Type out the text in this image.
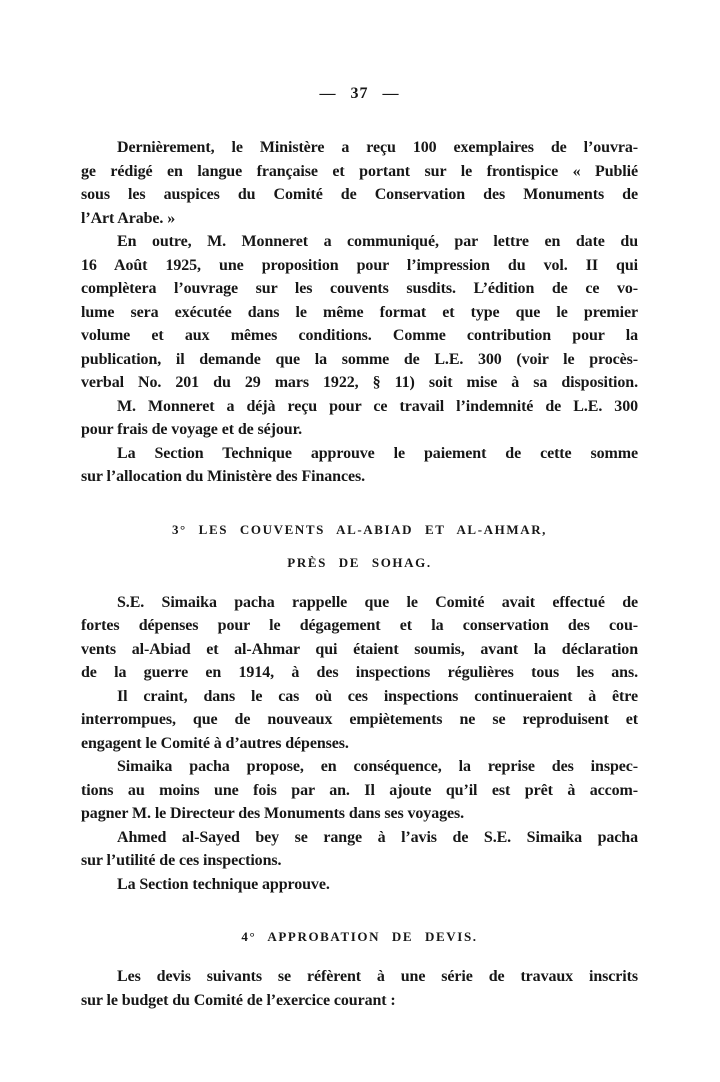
— 37 —
Dernièrement, le Ministère a reçu 100 exemplaires de l’ouvra-
ge rédigé en langue française et portant sur le frontispice « Publié
sous les auspices du Comité de Conservation des Monuments de
l’Art Arabe. »
En outre, M. Monneret a communiqué, par lettre en date du
16 Août 1925, une proposition pour l’impression du vol. II qui
complètera l’ouvrage sur les couvents susdits. L’édition de ce vo-
lume sera exécutée dans le même format et type que le premier
volume et aux mêmes conditions. Comme contribution pour la
publication, il demande que la somme de L.E. 300 (voir le procès-
verbal No. 201 du 29 mars 1922, § 11) soit mise à sa disposition.
M. Monneret a déjà reçu pour ce travail l’indemnité de L.E. 300
pour frais de voyage et de séjour.
La Section Technique approuve le paiement de cette somme
sur l’allocation du Ministère des Finances.
3° LES COUVENTS AL-ABIAD ET AL-AHMAR,
PRÈS DE SOHAG.
S.E. Simaika pacha rappelle que le Comité avait effectué de
fortes dépenses pour le dégagement et la conservation des cou-
vents al-Abiad et al-Ahmar qui étaient soumis, avant la déclaration
de la guerre en 1914, à des inspections régulières tous les ans.
Il craint, dans le cas où ces inspections continueraient à être
interrompues, que de nouveaux empiètements ne se reproduisent et
engagent le Comité à d’autres dépenses.
Simaika pacha propose, en conséquence, la reprise des inspec-
tions au moins une fois par an. Il ajoute qu’il est prêt à accom-
pagner M. le Directeur des Monuments dans ses voyages.
Ahmed al-Sayed bey se range à l’avis de S.E. Simaika pacha
sur l’utilité de ces inspections.
La Section technique approuve.
4° APPROBATION DE DEVIS.
Les devis suivants se réfèrent à une série de travaux inscrits
sur le budget du Comité de l’exercice courant :
